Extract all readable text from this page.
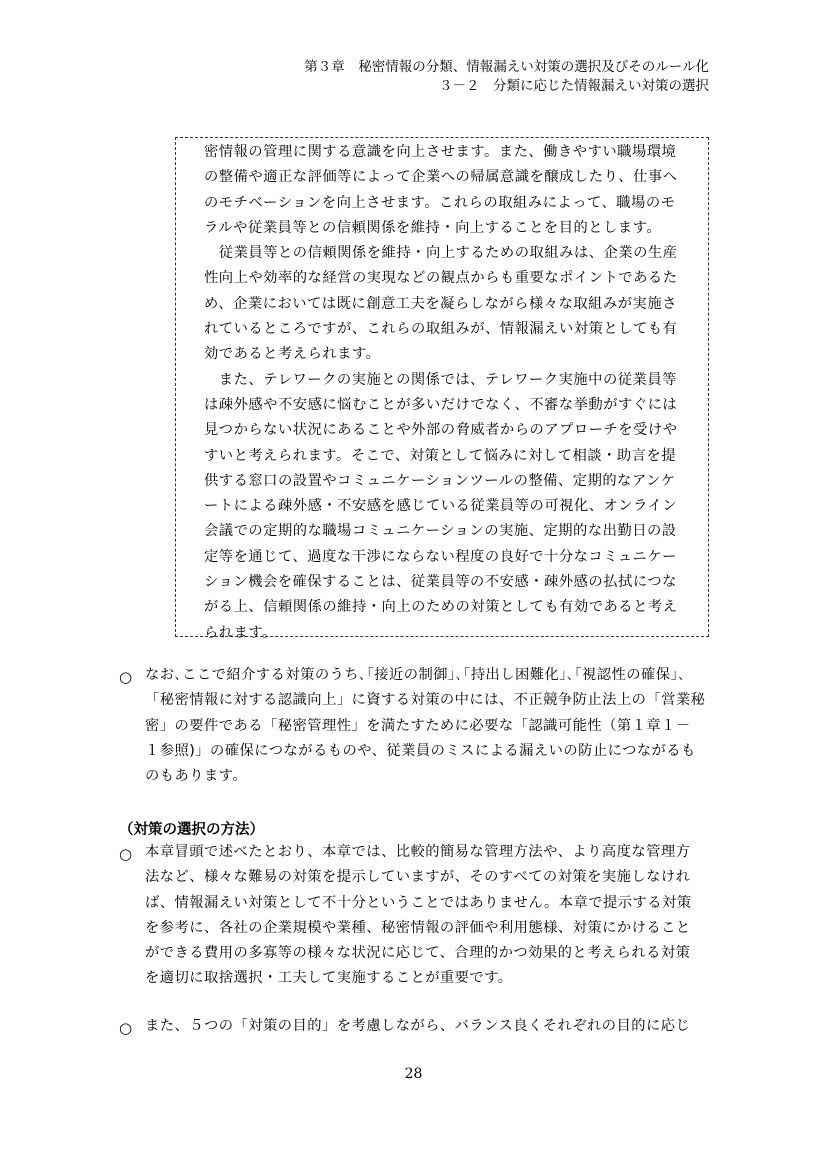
第３章　秘密情報の分類、情報漏えい対策の選択及びそのルール化
３－２　分類に応じた情報漏えい対策の選択
密情報の管理に関する意識を向上させます。また、働きやすい職場環境
の整備や適正な評価等によって企業への帰属意識を醸成したり、仕事へ
のモチベーションを向上させます。これらの取組みによって、職場のモ
ラルや従業員等との信頼関係を維持・向上することを目的とします。
　従業員等との信頼関係を維持・向上するための取組みは、企業の生産
性向上や効率的な経営の実現などの観点からも重要なポイントであるた
め、企業においては既に創意工夫を凝らしながら様々な取組みが実施さ
れているところですが、これらの取組みが、情報漏えい対策としても有
効であると考えられます。
　また、テレワークの実施との関係では、テレワーク実施中の従業員等
は疎外感や不安感に悩むことが多いだけでなく、不審な挙動がすぐには
見つからない状況にあることや外部の脅威者からのアプローチを受けや
すいと考えられます。そこで、対策として悩みに対して相談・助言を提
供する窓口の設置やコミュニケーションツールの整備、定期的なアンケ
ートによる疎外感・不安感を感じている従業員等の可視化、オンライン
会議での定期的な職場コミュニケーションの実施、定期的な出勤日の設
定等を通じて、過度な干渉にならない程度の良好で十分なコミュニケー
ション機会を確保することは、従業員等の不安感・疎外感の払拭につな
がる上、信頼関係の維持・向上のための対策としても有効であると考え
られます。
○ なお､ここで紹介する対策のうち､｢接近の制御｣､｢持出し困難化｣､｢視認性の確保｣､
「秘密情報に対する認識向上」に資する対策の中には、不正競争防止法上の「営業秘
密」の要件である「秘密管理性」を満たすために必要な「認識可能性（第１章１－
１参照)」の確保につながるものや、従業員のミスによる漏えいの防止につながるも
のもあります。
（対策の選択の方法）
○ 本章冒頭で述べたとおり、本章では、比較的簡易な管理方法や、より高度な管理方
法など、様々な難易の対策を提示していますが、そのすべての対策を実施しなけれ
ば、情報漏えい対策として不十分ということではありません。本章で提示する対策
を参考に、各社の企業規模や業種、秘密情報の評価や利用態様、対策にかけること
ができる費用の多寡等の様々な状況に応じて、合理的かつ効果的と考えられる対策
を適切に取捨選択・工夫して実施することが重要です。
○ また、５つの「対策の目的」を考慮しながら、バランス良くそれぞれの目的に応じ
28
